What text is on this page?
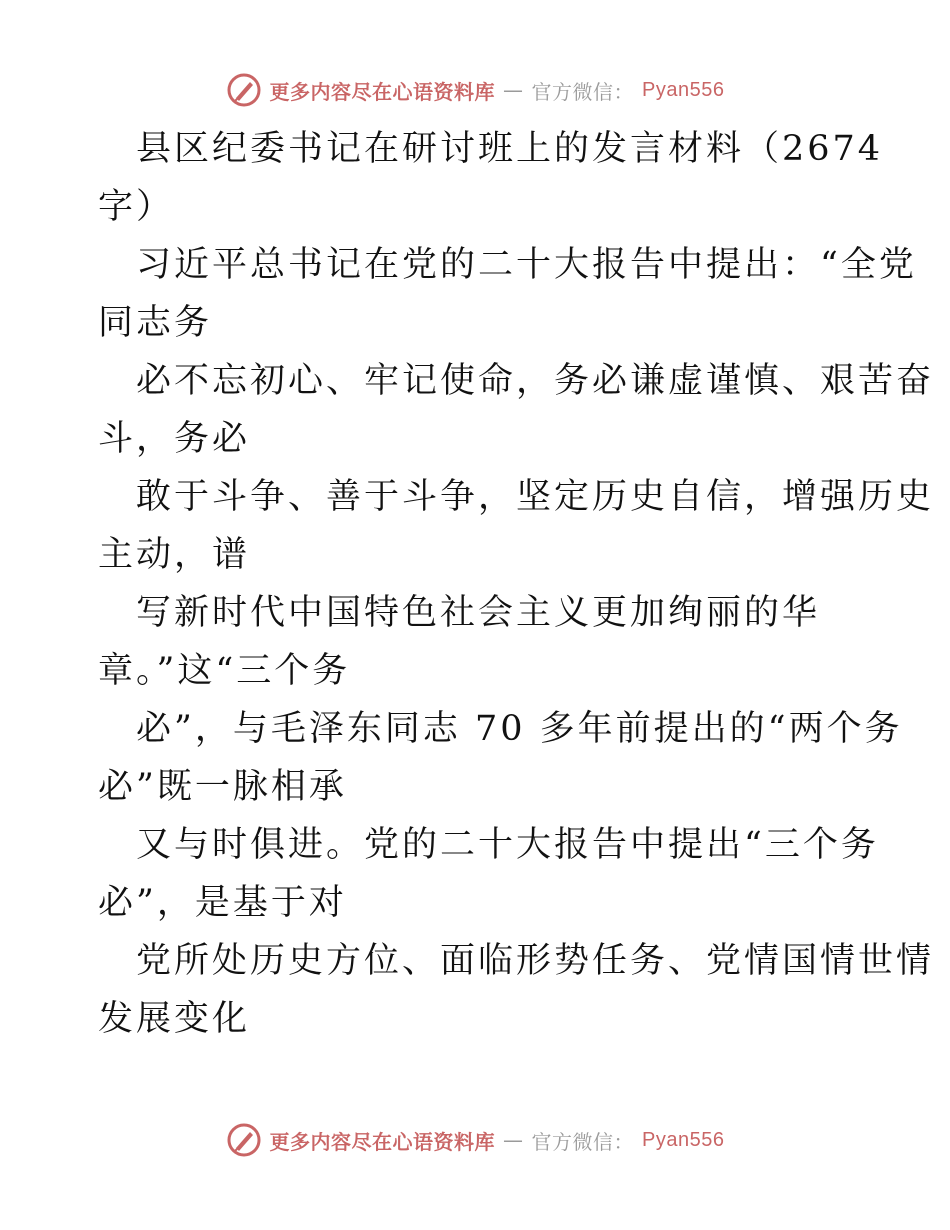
更多内容尽在心语资料库 — 官方微信： Pyan556

县区纪委书记在研讨班上的发言材料（2674
字）

习近平总书记在党的二十大报告中提出：“全党
同志务

必不忘初心、牢记使命，务必谦虚谨慎、艰苦奋
斗，务必

敢于斗争、善于斗争，坚定历史自信，增强历史
主动，谱

写新时代中国特色社会主义更加绚丽的华
章。”这“三个务

必”，与毛泽东同志 70 多年前提出的“两个务
必”既一脉相承

又与时俱进。党的二十大报告中提出“三个务
必”，是基于对

党所处历史方位、面临形势任务、党情国情世情
发展变化

更多内容尽在心语资料库 — 官方微信： Pyan556
